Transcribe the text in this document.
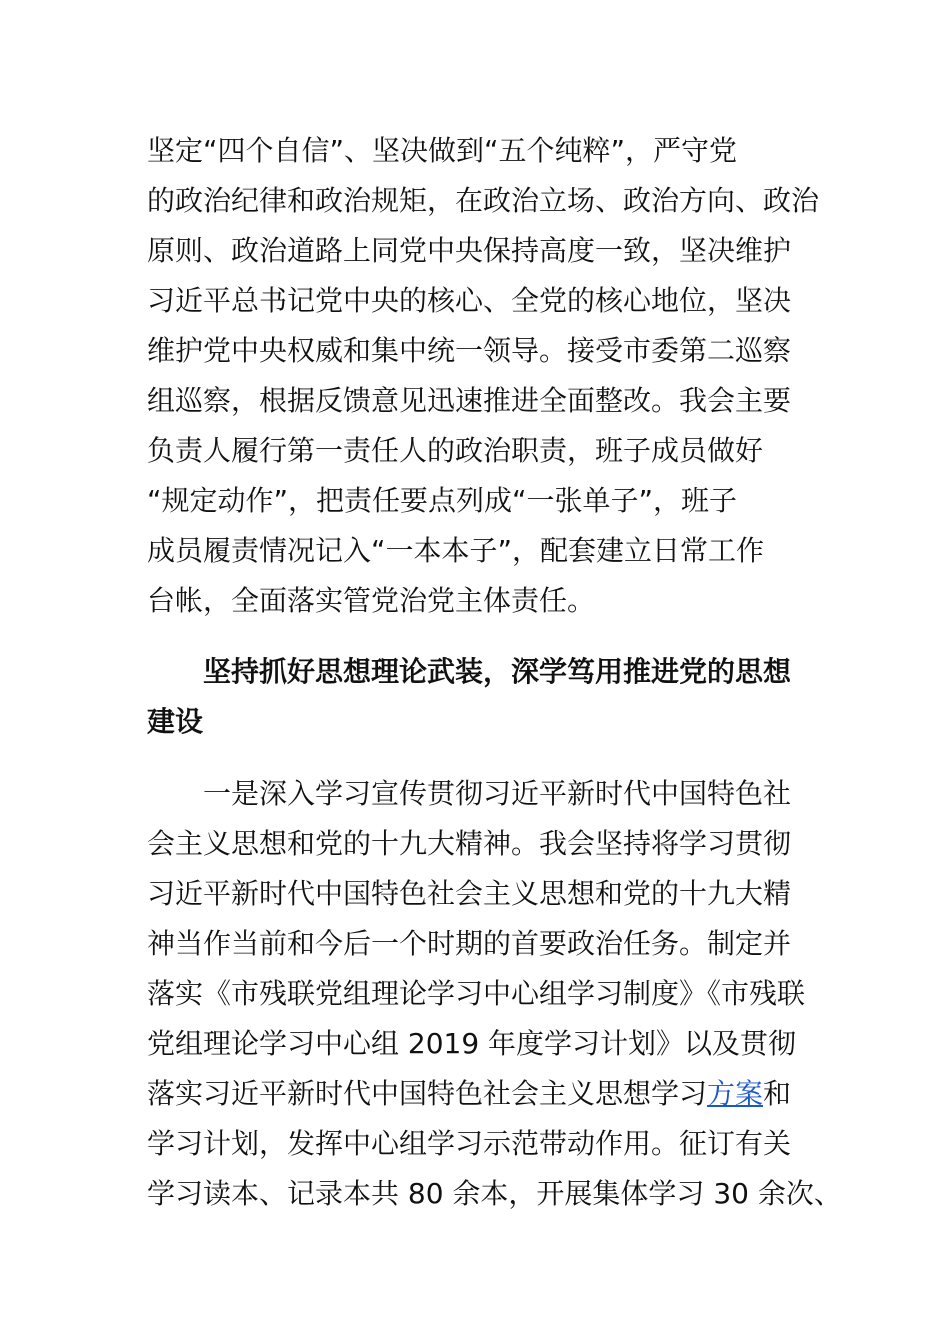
坚定“四个自信”、坚决做到“五个纯粹”，严守党
的政治纪律和政治规矩，在政治立场、政治方向、政治
原则、政治道路上同党中央保持高度一致，坚决维护
习近平总书记党中央的核心、全党的核心地位，坚决
维护党中央权威和集中统一领导。接受市委第二巡察
组巡察，根据反馈意见迅速推进全面整改。我会主要
负责人履行第一责任人的政治职责，班子成员做好
“规定动作”，把责任要点列成“一张单子”，班子
成员履责情况记入“一本本子”，配套建立日常工作
台帐，全面落实管党治党主体责任。
坚持抓好思想理论武装，深学笃用推进党的思想
建设
一是深入学习宣传贯彻习近平新时代中国特色社
会主义思想和党的十九大精神。我会坚持将学习贯彻
习近平新时代中国特色社会主义思想和党的十九大精
神当作当前和今后一个时期的首要政治任务。制定并
落实《市残联党组理论学习中心组学习制度》《市残联
党组理论学习中心组 2019 年度学习计划》以及贯彻
落实习近平新时代中国特色社会主义思想学习方案和
学习计划，发挥中心组学习示范带动作用。征订有关
学习读本、记录本共 80 余本，开展集体学习 30 余次、
